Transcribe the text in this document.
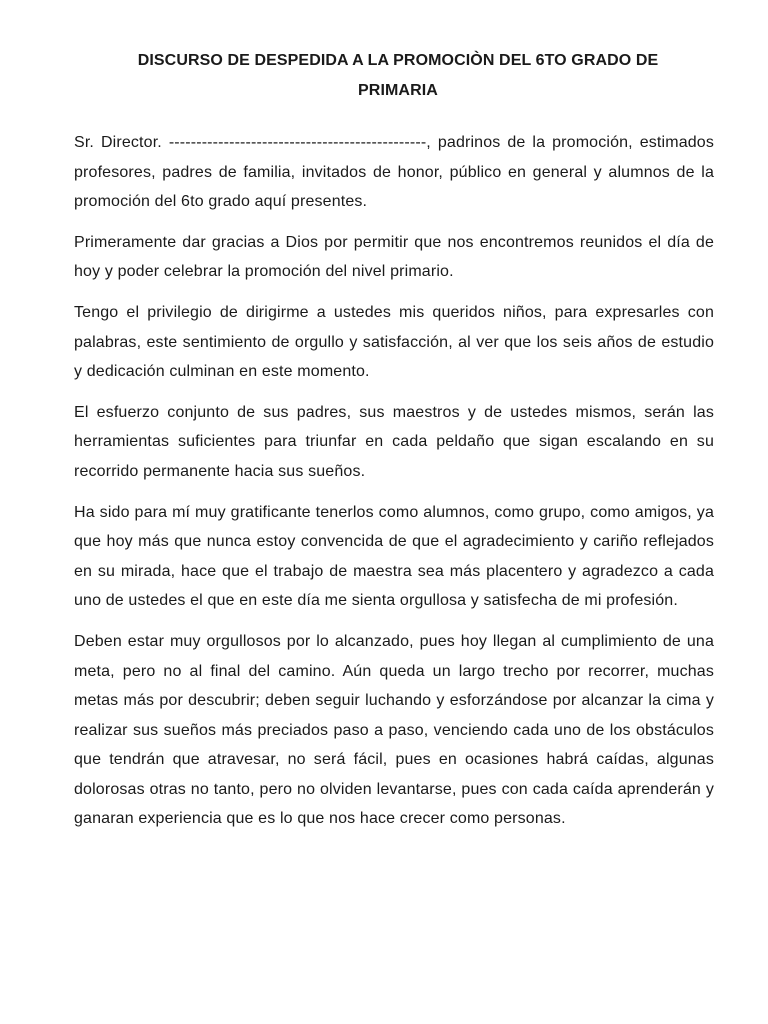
DISCURSO DE DESPEDIDA A LA PROMOCIÒN DEL 6TO GRADO DE
PRIMARIA

Sr. Director. -----------------------------------------------, padrinos de la promoción, estimados profesores, padres de familia, invitados de honor, público en general y alumnos de la promoción del 6to grado aquí presentes.

Primeramente dar gracias a Dios por permitir que nos encontremos reunidos el día de hoy y poder celebrar la promoción del nivel primario.

Tengo el privilegio de dirigirme a ustedes mis queridos niños, para expresarles con palabras, este sentimiento de orgullo y satisfacción, al ver que los seis años de estudio y dedicación culminan en este momento.

El esfuerzo conjunto de sus padres, sus maestros y de ustedes mismos, serán las herramientas suficientes para triunfar en cada peldaño que sigan escalando en su recorrido permanente hacia sus sueños.

Ha sido para mí muy gratificante tenerlos como alumnos, como grupo, como amigos, ya que hoy más que nunca estoy convencida de que el agradecimiento y cariño reflejados en su mirada, hace que el trabajo de maestra sea más placentero y agradezco a cada uno de ustedes el que en este día me sienta orgullosa y satisfecha de mi profesión.

Deben estar muy orgullosos por lo alcanzado, pues hoy llegan al cumplimiento de una meta, pero no al final del camino. Aún queda un largo trecho por recorrer, muchas metas más por descubrir; deben seguir luchando y esforzándose por alcanzar la cima y realizar sus sueños más preciados paso a paso, venciendo cada uno de los obstáculos que tendrán que atravesar, no será fácil, pues en ocasiones habrá caídas, algunas dolorosas otras no tanto, pero no olviden levantarse, pues con cada caída aprenderán y ganaran experiencia que es lo que nos hace crecer como personas.
